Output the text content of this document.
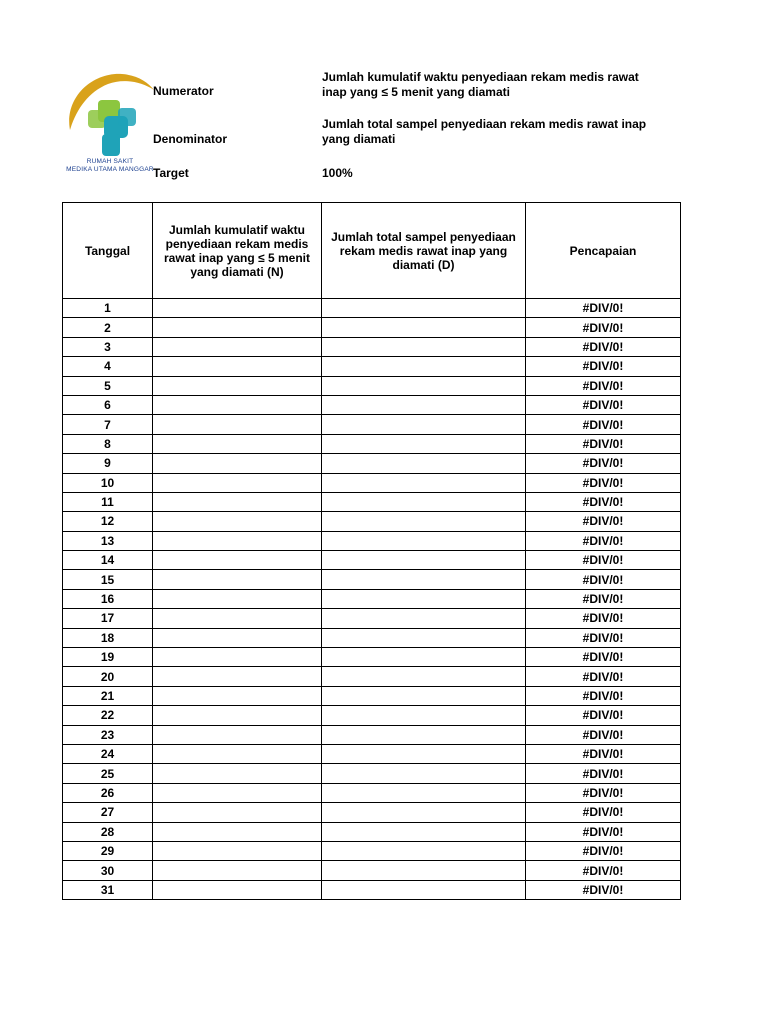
RUMAH SAKIT
MEDIKA UTAMA MANGGAR
Numerator
Jumlah kumulatif waktu penyediaan rekam medis rawat inap yang ≤ 5 menit yang diamati
Denominator
Jumlah total sampel penyediaan rekam medis rawat inap yang diamati
Target	100%
Tanggal	Jumlah kumulatif waktu penyediaan rekam medis rawat inap yang ≤ 5 menit yang diamati (N)	Jumlah total sampel penyediaan rekam medis rawat inap yang diamati (D)	Pencapaian

1			#DIV/0!
2			#DIV/0!
3			#DIV/0!
4			#DIV/0!
5			#DIV/0!
6			#DIV/0!
7			#DIV/0!
8			#DIV/0!
9			#DIV/0!
10			#DIV/0!
11			#DIV/0!
12			#DIV/0!
13			#DIV/0!
14			#DIV/0!
15			#DIV/0!
16			#DIV/0!
17			#DIV/0!
18			#DIV/0!
19			#DIV/0!
20			#DIV/0!
21			#DIV/0!
22			#DIV/0!
23			#DIV/0!
24			#DIV/0!
25			#DIV/0!
26			#DIV/0!
27			#DIV/0!
28			#DIV/0!
29			#DIV/0!
30			#DIV/0!
31			#DIV/0!
